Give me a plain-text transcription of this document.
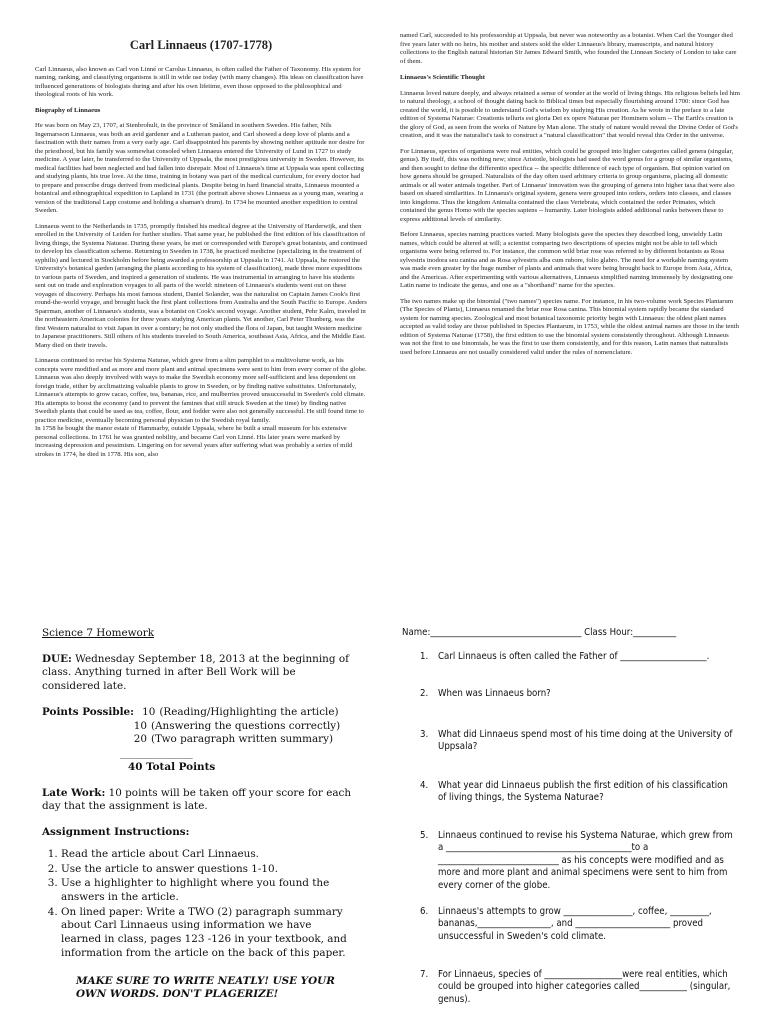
Carl Linnaeus (1707-1778)

Carl Linnaeus, also known as Carl von Linné or Carolus Linnaeus, is often called the Father of Taxonomy. His system for naming, ranking, and classifying organisms is still in wide use today (with many changes). His ideas on classification have influenced generations of biologists during and after his own lifetime, even those opposed to the philosophical and theological roots of his work.

Biography of Linnaeus

He was born on May 23, 1707, at Stenbrohult, in the province of Småland in southern Sweden. His father, Nils Ingemarsson Linnaeus, was both an avid gardener and a Lutheran pastor, and Carl showed a deep love of plants and a fascination with their names from a very early age. Carl disappointed his parents by showing neither aptitude nor desire for the priesthood, but his family was somewhat consoled when Linnaeus entered the University of Lund in 1727 to study medicine. A year later, he transferred to the University of Uppsala, the most prestigious university in Sweden. However, its medical facilities had been neglected and had fallen into disrepair. Most of Linnaeus's time at Uppsala was spent collecting and studying plants, his true love. At the time, training in botany was part of the medical curriculum, for every doctor had to prepare and prescribe drugs derived from medicinal plants. Despite being in hard financial straits, Linnaeus mounted a botanical and ethnographical expedition to Lapland in 1731 (the portrait above shows Linnaeus as a young man, wearing a version of the traditional Lapp costume and holding a shaman's drum). In 1734 he mounted another expedition to central Sweden.

Linnaeus went to the Netherlands in 1735, promptly finished his medical degree at the University of Harderwijk, and then enrolled in the University of Leiden for further studies. That same year, he published the first edition of his classification of living things, the Systema Naturae. During these years, he met or corresponded with Europe's great botanists, and continued to develop his classification scheme. Returning to Sweden in 1738, he practiced medicine (specializing in the treatment of syphilis) and lectured in Stockholm before being awarded a professorship at Uppsala in 1741. At Uppsala, he restored the University's botanical garden (arranging the plants according to his system of classification), made three more expeditions to various parts of Sweden, and inspired a generation of students. He was instrumental in arranging to have his students sent out on trade and exploration voyages to all parts of the world: nineteen of Linnaeus's students went out on these voyages of discovery. Perhaps his most famous student, Daniel Solander, was the naturalist on Captain James Cook's first round-the-world voyage, and brought back the first plant collections from Australia and the South Pacific to Europe. Anders Sparrman, another of Linnaeus's students, was a botanist on Cook's second voyage. Another student, Pehr Kalm, traveled in the northeastern American colonies for three years studying American plants. Yet another, Carl Peter Thunberg, was the first Western naturalist to visit Japan in over a century; he not only studied the flora of Japan, but taught Western medicine to Japanese practitioners. Still others of his students traveled to South America, southeast Asia, Africa, and the Middle East. Many died on their travels.

Linnaeus continued to revise his Systema Naturae, which grew from a slim pamphlet to a multivolume work, as his concepts were modified and as more and more plant and animal specimens were sent to him from every corner of the globe. Linnaeus was also deeply involved with ways to make the Swedish economy more self-sufficient and less dependent on foreign trade, either by acclimatizing valuable plants to grow in Sweden, or by finding native substitutes. Unfortunately, Linnaeus's attempts to grow cacao, coffee, tea, bananas, rice, and mulberries proved unsuccessful in Sweden's cold climate. His attempts to boost the economy (and to prevent the famines that still struck Sweden at the time) by finding native Swedish plants that could be used as tea, coffee, flour, and fodder were also not generally successful. He still found time to practice medicine, eventually becoming personal physician to the Swedish royal family.

In 1758 he bought the manor estate of Hammarby, outside Uppsala, where he built a small museum for his extensive personal collections. In 1761 he was granted nobility, and became Carl von Linné. His later years were marked by increasing depression and pessimism. Lingering on for several years after suffering what was probably a series of mild strokes in 1774, he died in 1778. His son, also

named Carl, succeeded to his professorship at Uppsala, but never was noteworthy as a botanist. When Carl the Younger died five years later with no heirs, his mother and sisters sold the elder Linnaeus's library, manuscripts, and natural history collections to the English natural historian Sir James Edward Smith, who founded the Linnean Society of London to take care of them.

Linnaeus's Scientific Thought

Linnaeus loved nature deeply, and always retained a sense of wonder at the world of living things. His religious beliefs led him to natural theology, a school of thought dating back to Biblical times but especially flourishing around 1700: since God has created the world, it is possible to understand God's wisdom by studying His creation. As he wrote in the preface to a late edition of Systema Naturae: Creationis telluris est gloria Dei ex opere Naturae per Hominem solum -- The Earth's creation is the glory of God, as seen from the works of Nature by Man alone. The study of nature would reveal the Divine Order of God's creation, and it was the naturalist's task to construct a "natural classification" that would reveal this Order in the universe.

For Linnaeus, species of organisms were real entities, which could be grouped into higher categories called genera (singular, genus). By itself, this was nothing new; since Aristotle, biologists had used the word genus for a group of similar organisms, and then sought to define the differentio specifica -- the specific difference of each type of organism. But opinion varied on how genera should be grouped. Naturalists of the day often used arbitrary criteria to group organisms, placing all domestic animals or all water animals together. Part of Linnaeus' innovation was the grouping of genera into higher taxa that were also based on shared similarities. In Linnaeus's original system, genera were grouped into orders, orders into classes, and classes into kingdoms. Thus the kingdom Animalia contained the class Vertebrata, which contained the order Primates, which contained the genus Homo with the species sapiens -- humanity. Later biologists added additional ranks between these to express additional levels of similarity.

Before Linnaeus, species naming practices varied. Many biologists gave the species they described long, unwieldy Latin names, which could be altered at will; a scientist comparing two descriptions of species might not be able to tell which organisms were being referred to. For instance, the common wild briar rose was referred to by different botanists as Rosa sylvestris inodora seu canina and as Rosa sylvestris alba cum rubore, folio glabro. The need for a workable naming system was made even greater by the huge number of plants and animals that were being brought back to Europe from Asia, Africa, and the Americas. After experimenting with various alternatives, Linnaeus simplified naming immensely by designating one Latin name to indicate the genus, and one as a "shorthand" name for the species.

The two names make up the binomial ("two names") species name. For instance, in his two-volume work Species Plantarum (The Species of Plants), Linnaeus renamed the briar rose Rosa canina. This binomial system rapidly became the standard system for naming species. Zoological and most botanical taxonomic priority begin with Linnaeus: the oldest plant names accepted as valid today are those published in Species Plantarum, in 1753, while the oldest animal names are those in the tenth edition of Systema Naturae (1758), the first edition to use the binomial system consistently throughout. Although Linnaeus was not the first to use binomials, he was the first to use them consistently, and for this reason, Latin names that naturalists used before Linnaeus are not usually considered valid under the rules of nomenclature.

Science 7 Homework
DUE: Wednesday September 18, 2013 at the beginning of class. Anything turned in after Bell Work will be considered late.
Points Possible:
10 (Reading/Highlighting the article)
10 (Answering the questions correctly)
20 (Two paragraph written summary)
______________
40 Total Points
Late Work: 10 points will be taken off your score for each day that the assignment is late.
Assignment Instructions:
1. Read the article about Carl Linnaeus.
2. Use the article to answer questions 1-10.
3. Use a highlighter to highlight where you found the answers in the article.
4. On lined paper: Write a TWO (2) paragraph summary about Carl Linnaeus using information we have learned in class, pages 123 -126 in your textbook, and information from the article on the back of this paper.
MAKE SURE TO WRITE NEATLY! USE YOUR OWN WORDS. DON'T PLAGERIZE!
Name:___________________________________ Class Hour:__________
1.	Carl Linnaeus is often called the Father of ____________________.
2.	When was Linnaeus born?
3.	What did Linnaeus spend most of his time doing at the University of Uppsala?
4.	What year did Linnaeus publish the first edition of his classification of living things, the Systema Naturae?
5.	Linnaeus continued to revise his Systema Naturae, which grew from a ___________________________________________to a ____________________________ as his concepts were modified and as more and more plant and animal specimens were sent to him from every corner of the globe.
6.	Linnaeus's attempts to grow ________________, coffee, _________, bananas,_________________, and ______________________ proved unsuccessful in Sweden's cold climate.
7.	For Linnaeus, species of __________________were real entities, which could be grouped into higher categories called___________ (singular, genus).
